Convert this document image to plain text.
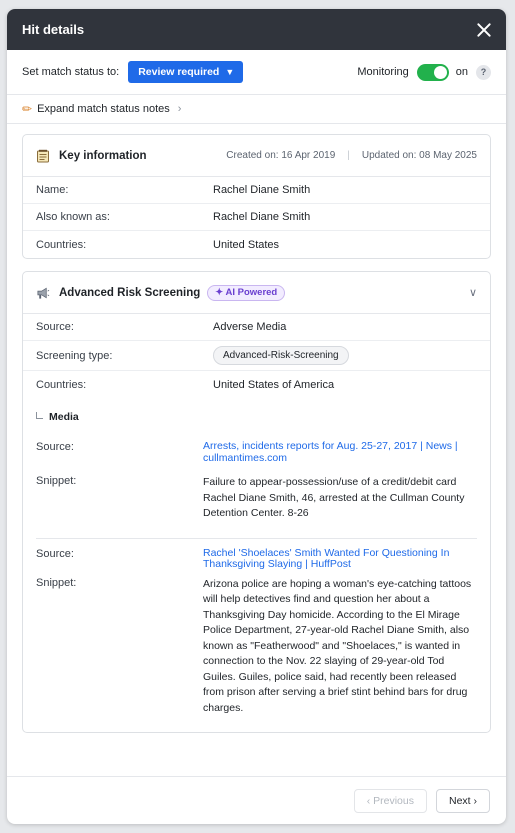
Hit details
Set match status to: Review required ▼	Monitoring	on	?
✏ Expand match status notes ›
Key information	Created on: 16 Apr 2019	|	Updated on: 08 May 2025
Name:	Rachel Diane Smith
Also known as:	Rachel Diane Smith
Countries:	United States
Advanced Risk Screening	✦ AI Powered	∨
Source:	Adverse Media
Screening type:	Advanced-Risk-Screening
Countries:	United States of America
Media
Source:	Arrests, incidents reports for Aug. 25-27, 2017 | News | cullmantimes.com
Snippet:	Failure to appear-possession/use of a credit/debit card Rachel Diane Smith, 46, arrested at the Cullman County Detention Center. 8-26
Source:	Rachel 'Shoelaces' Smith Wanted For Questioning In Thanksgiving Slaying | HuffPost
Snippet:	Arizona police are hoping a woman's eye-catching tattoos will help detectives find and question her about a Thanksgiving Day homicide. According to the El Mirage Police Department, 27-year-old Rachel Diane Smith, also known as "Featherwood" and "Shoelaces," is wanted in connection to the Nov. 22 slaying of 29-year-old Tod Guiles. Guiles, police said, had recently been released from prison after serving a brief stint behind bars for drug charges.
‹ Previous	Next ›
